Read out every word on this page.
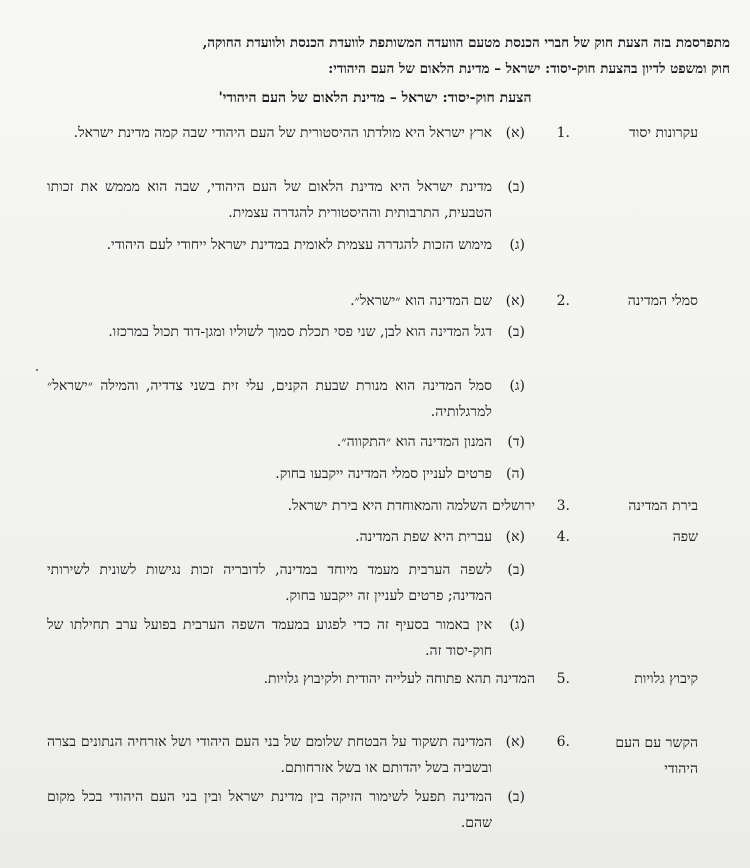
מתפרסמת בזה הצעת חוק של חברי הכנסת מטעם הוועדה המשותפת לוועדת הכנסת ולוועדת החוקה,
חוק ומשפט לדיון בהצעת חוק-יסוד: ישראל – מדינת הלאום של העם היהודי:
הצעת חוק-יסוד: ישראל – מדינת הלאום של העם היהודי'
עקרונות יסוד
1.
(א)
ארץ ישראל היא מולדתו ההיסטורית של העם היהודי שבה קמה מדינת ישראל.
(ב)
מדינת ישראל היא מדינת הלאום של העם היהודי, שבה הוא מממש את זכותו הטבעית, התרבותית וההיסטורית להגדרה עצמית.
(ג)
מימוש הזכות להגדרה עצמית לאומית במדינת ישראל ייחודי לעם היהודי.
סמלי המדינה
2.
(א)
שם המדינה הוא ״ישראל״.
(ב)
דגל המדינה הוא לבן, שני פסי תכלת סמוך לשוליו ומגן-דוד תכול במרכזו.
(ג)
סמל המדינה הוא מנורת שבעת הקנים, עלי זית בשני צדדיה, והמילה ״ישראל״ למרגלותיה.
(ד)
המנון המדינה הוא ״התקווה״.
(ה)
פרטים לעניין סמלי המדינה ייקבעו בחוק.
בירת המדינה
3.
ירושלים השלמה והמאוחדת היא בירת ישראל.
שפה
4.
(א)
עברית היא שפת המדינה.
(ב)
לשפה הערבית מעמד מיוחד במדינה, לדובריה זכות נגישות לשונית לשירותי המדינה; פרטים לעניין זה ייקבעו בחוק.
(ג)
אין באמור בסעיף זה כדי לפגוע במעמד השפה הערבית בפועל ערב תחילתו של חוק-יסוד זה.
קיבוץ גלויות
5.
המדינה תהא פתוחה לעלייה יהודית ולקיבוץ גלויות.
הקשר עם העם היהודי
6.
(א)
המדינה תשקוד על הבטחת שלומם של בני העם היהודי ושל אזרחיה הנתונים בצרה ובשביה בשל יהדותם או בשל אזרחותם.
(ב)
המדינה תפעל לשימור הזיקה בין מדינת ישראל ובין בני העם היהודי בכל מקום שהם.
